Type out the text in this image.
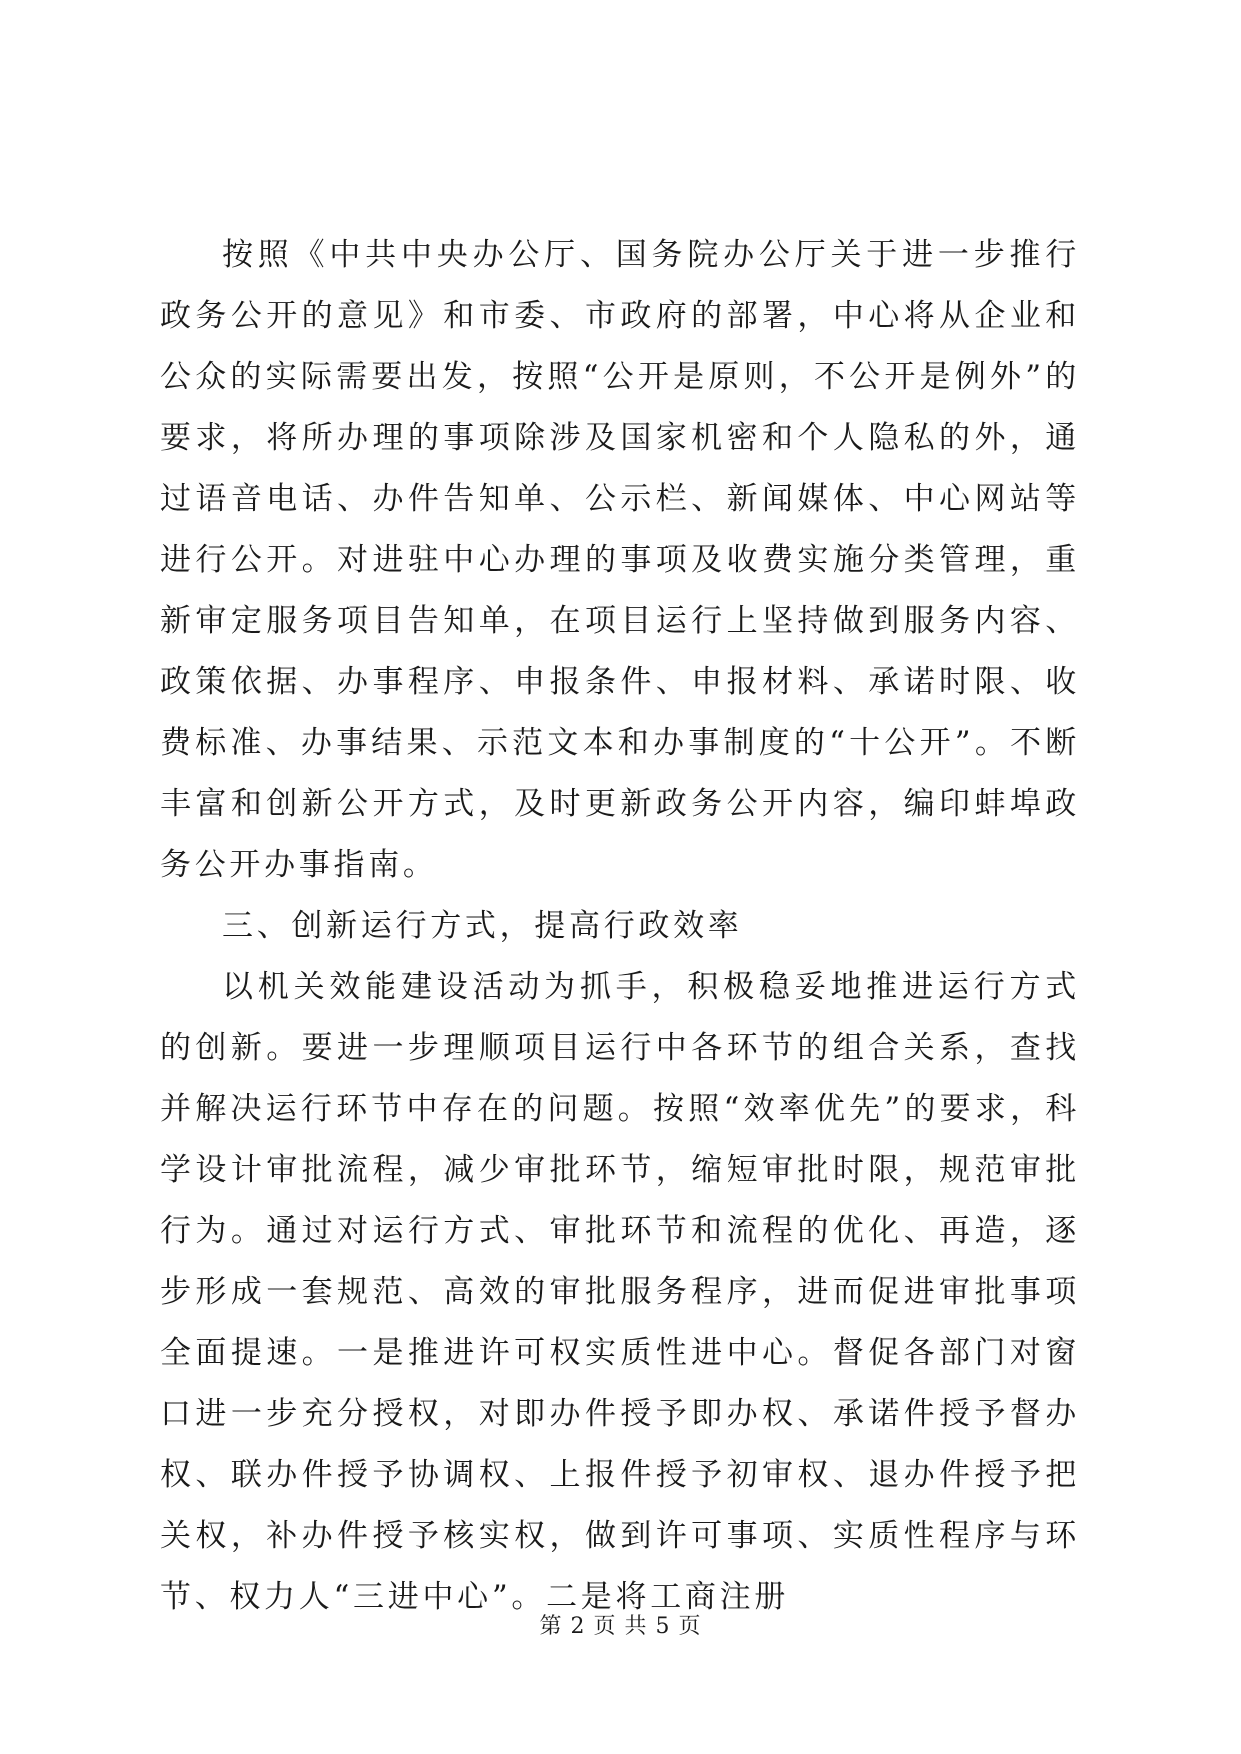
按照《中共中央办公厅、国务院办公厅关于进一步推行政务公开的意见》和市委、市政府的部署，中心将从企业和公众的实际需要出发，按照“公开是原则，不公开是例外”的要求，将所办理的事项除涉及国家机密和个人隐私的外，通过语音电话、办件告知单、公示栏、新闻媒体、中心网站等进行公开。对进驻中心办理的事项及收费实施分类管理，重新审定服务项目告知单，在项目运行上坚持做到服务内容、政策依据、办事程序、申报条件、申报材料、承诺时限、收费标准、办事结果、示范文本和办事制度的“十公开”。不断丰富和创新公开方式，及时更新政务公开内容，编印蚌埠政务公开办事指南。

三、创新运行方式，提高行政效率

以机关效能建设活动为抓手，积极稳妥地推进运行方式的创新。要进一步理顺项目运行中各环节的组合关系，查找并解决运行环节中存在的问题。按照“效率优先”的要求，科学设计审批流程，减少审批环节，缩短审批时限，规范审批行为。通过对运行方式、审批环节和流程的优化、再造，逐步形成一套规范、高效的审批服务程序，进而促进审批事项全面提速。一是推进许可权实质性进中心。督促各部门对窗口进一步充分授权，对即办件授予即办权、承诺件授予督办权、联办件授予协调权、上报件授予初审权、退办件授予把关权，补办件授予核实权，做到许可事项、实质性程序与环节、权力人“三进中心”。二是将工商注册

第 2 页 共 5 页
